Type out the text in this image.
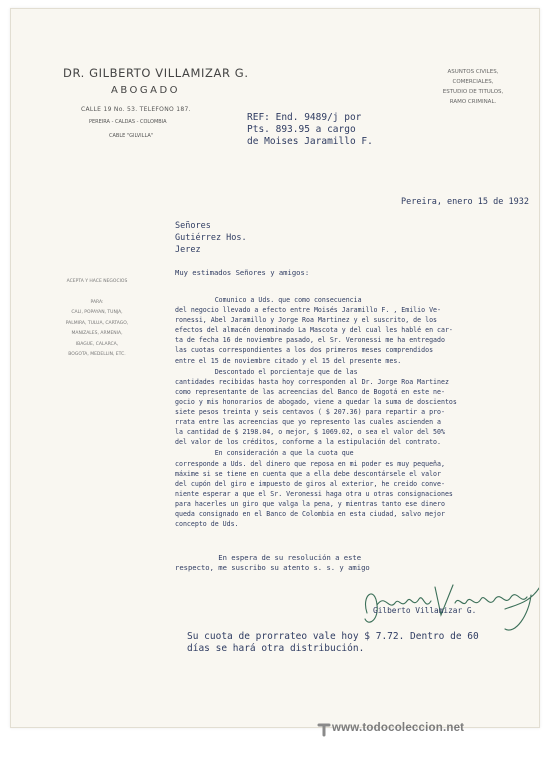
DR. GILBERTO VILLAMIZAR G.
ABOGADO
CALLE 19 No. 53. TELEFONO 187.
PEREIRA - CALDAS - COLOMBIA
CABLE "GILVILLA"
ASUNTOS CIVILES,
COMERCIALES,
ESTUDIO DE TITULOS,
RAMO CRIMINAL.
ACEPTA Y HACE NEGOCIOS
PARA:
CALI, POPAYAN, TUNJA,
PALMIRA, TULUA, CARTAGO,
MANIZALES, ARMENIA,
IBAGUE, CALARCA,
BOGOTA, MEDELLIN, ETC.
REF: End. 9489/j por
Pts. 893.95 a cargo
de Moises Jaramillo F.
Pereira, enero 15 de 1932
Señores
Gutiérrez Hos.
Jerez
Muy estimados Señores y amigos:

Comunico a Uds. que como consecuencia
del negocio llevado a efecto entre Moisés Jaramillo F. , Emilio Ve-
ronessi, Abel Jaramillo y Jorge Roa Martinez y el suscrito, de los
efectos del almacén denominado La Mascota y del cual les hablé en car-
ta de fecha 16 de noviembre pasado, el Sr. Veronessi me ha entregado
las cuotas correspondientes a los dos primeros meses comprendidos
entre el 15 de noviembre citado y el 15 del presente mes.

Descontado el porcientaje que de las
cantidades recibidas hasta hoy corresponden al Dr. Jorge Roa Martinez
como representante de las acreencias del Banco de Bogotá en este ne-
gocio y mis honorarios de abogado, viene a quedar la suma de doscientos
siete pesos treinta y seis centavos ( $ 207.36) para repartir a pro-
rrata entre las acreencias que yo represento las cuales ascienden a
la cantidad de $ 2198.04, o mejor, $ 1069.02, o sea el valor del 50%
del valor de los créditos, conforme a la estipulación del contrato.

En consideración a que la cuota que
corresponde a Uds. del dinero que reposa en mi poder es muy pequeña,
máxime si se tiene en cuenta que a ella debe descontársele el valor
del cupón del giro e impuesto de giros al exterior, he creido conve-
niente esperar a que el Sr. Veronessi haga otra u otras consignaciones
para hacerles un giro que valga la pena, y mientras tanto ese dinero
queda consignado en el Banco de Colombia en esta ciudad, salvo mejor
concepto de Uds.

En espera de su resolución a este
respecto, me suscribo su atento s. s. y amigo
Gilberto Villamizar G.
Su cuota de prorrateo vale hoy $ 7.72. Dentro de 60
días se hará otra distribución.
www.todocoleccion.net
